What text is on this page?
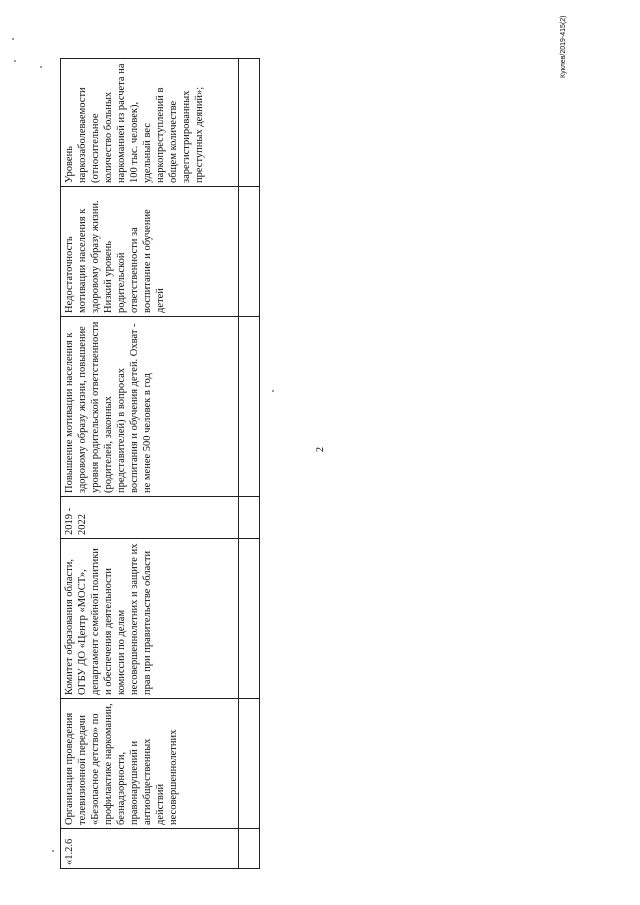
Куклев/2019-415(2)
2
«1.2.6	Организация проведения телевизионной передачи «Безопасное детство» по профилактике наркомании, безнадзорности, правонарушений и антиобщественных действий несовершеннолетних	Комитет образования области, ОГБУ ДО «Центр «МОСТ», департамент семейной политики и обеспечения деятельности комиссии по делам несовершеннолетних и защите их прав при правительстве области	2019 - 2022	Повышение мотивации населения к здоровому образу жизни, повышение уровня родительской ответственности (родителей, законных представителей) в вопросах воспитания и обучения детей. Охват - не менее 500 человек в год	Недостаточность мотивации населения к здоровому образу жизни. Низкий уровень родительской ответственности за воспитание и обучение детей	Уровень наркозаболеваемости (относительное количество больных наркоманией из расчета на 100 тыс. человек), удельный вес наркопреступлений в общем количестве зарегистрированных преступных деяний»;
